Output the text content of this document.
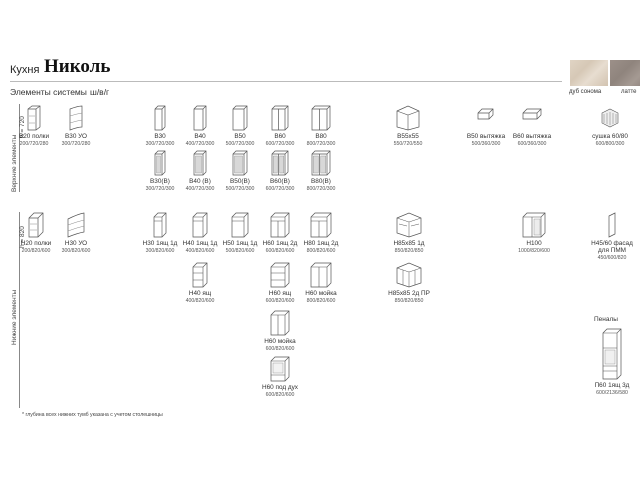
Кухня Николь
Элементы системы ш/в/г	дуб сонома	латте
Верхние элементы
h = 720
Нижние элементы
h = 820
В20 полки
200/720/280
В30 УО
300/720/280
В30
300/720/300
В40
400/720/300
В50
500/720/300
В60
600/720/300
В80
800/720/300
В55х55
550/720/550
В50 вытяжка
500/360/300
В60 вытяжка
600/360/300
сушка 60/80
600/800/300
В30(В)
300/720/300
В40 (В)
400/720/300
В50(В)
500/720/300
В60(В)
600/720/300
В80(В)
800/720/300
Н20 полки
200/820/600
Н30 УО
300/820/600
Н30 1ящ 1д
300/820/600
Н40 1ящ 1д
400/820/600
Н50 1ящ 1д
500/820/600
Н60 1ящ 2д
600/820/600
Н80 1ящ 2д
800/820/600
Н85х85 1д
850/820/850
Н100
1000/820/600
Н45/60 фасад для ПММ
450/600/820
Н40 ящ
400/820/600
Н60 ящ
600/820/600
Н60 мойка
800/820/600
Н85х85 2д ПР
850/820/850
Н60 мойка
600/820/600
Н60 под дух
600/820/600
Пеналы
П60 1ящ 3д
600/2136/580
* глубина всех нижних тумб указана с учетом столешницы
